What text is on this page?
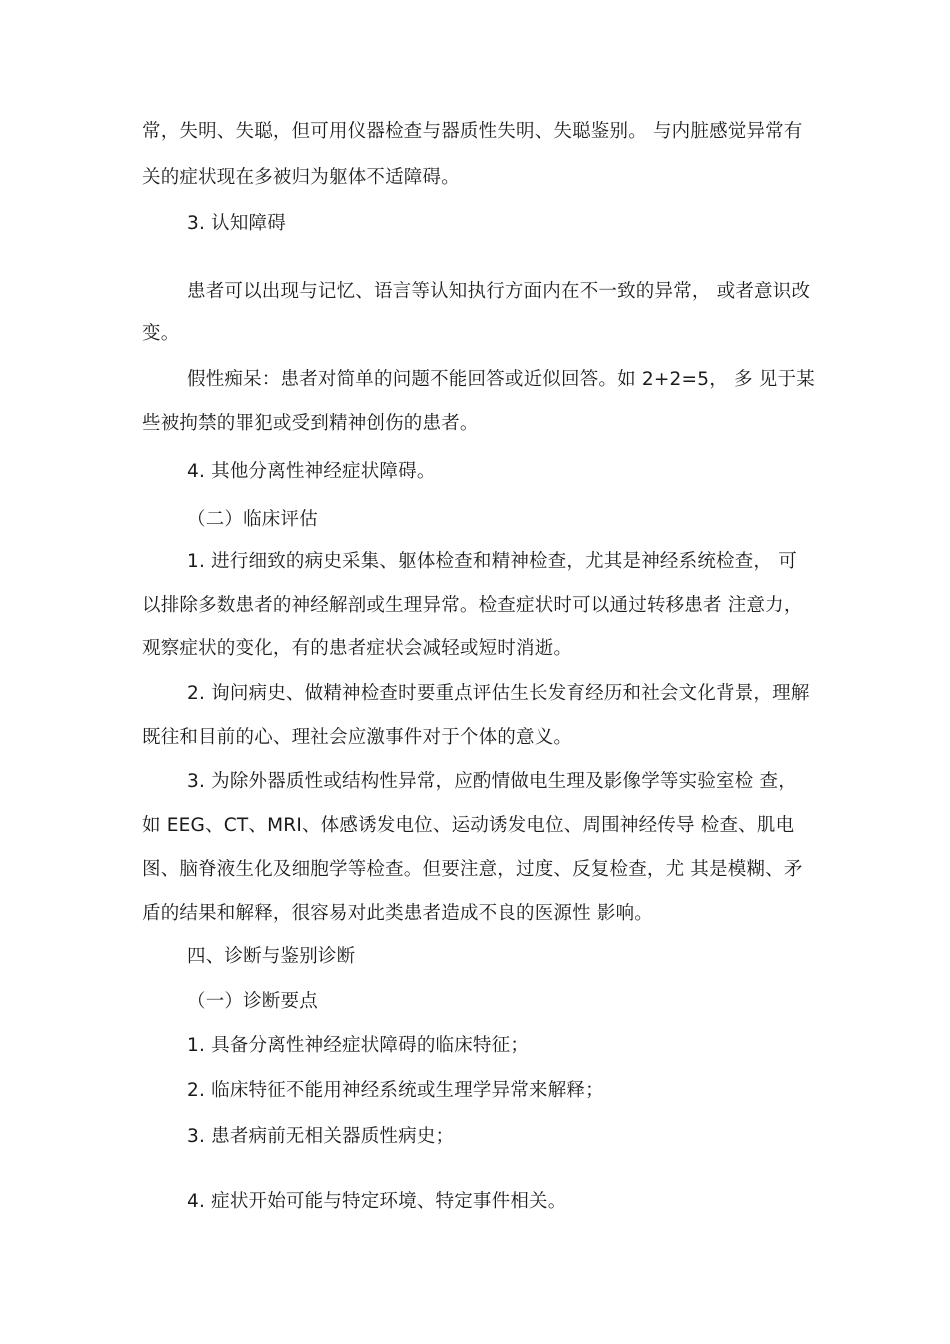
常，失明、失聪，但可用仪器检查与器质性失明、失聪鉴别。 与内脏感觉异常有
关的症状现在多被归为躯体不适障碍。
3. 认知障碍
患者可以出现与记忆、语言等认知执行方面内在不一致的异常， 或者意识改
变。
假性痴呆：患者对简单的问题不能回答或近似回答。如 2+2=5， 多 见于某
些被拘禁的罪犯或受到精神创伤的患者。
4. 其他分离性神经症状障碍。
（二）临床评估
1. 进行细致的病史采集、躯体检查和精神检查，尤其是神经系统检查， 可
以排除多数患者的神经解剖或生理异常。检查症状时可以通过转移患者 注意力，
观察症状的变化，有的患者症状会减轻或短时消逝。
2. 询问病史、做精神检查时要重点评估生长发育经历和社会文化背景，理解
既往和目前的心、理社会应激事件对于个体的意义。
3. 为除外器质性或结构性异常，应酌情做电生理及影像学等实验室检 查，
如 EEG、CT、MRI、体感诱发电位、运动诱发电位、周围神经传导 检查、肌电
图、脑脊液生化及细胞学等检查。但要注意，过度、反复检查，尤 其是模糊、矛
盾的结果和解释，很容易对此类患者造成不良的医源性 影响。
四、诊断与鉴别诊断
（一）诊断要点
1. 具备分离性神经症状障碍的临床特征；
2. 临床特征不能用神经系统或生理学异常来解释；
3. 患者病前无相关器质性病史；
4. 症状开始可能与特定环境、特定事件相关。
